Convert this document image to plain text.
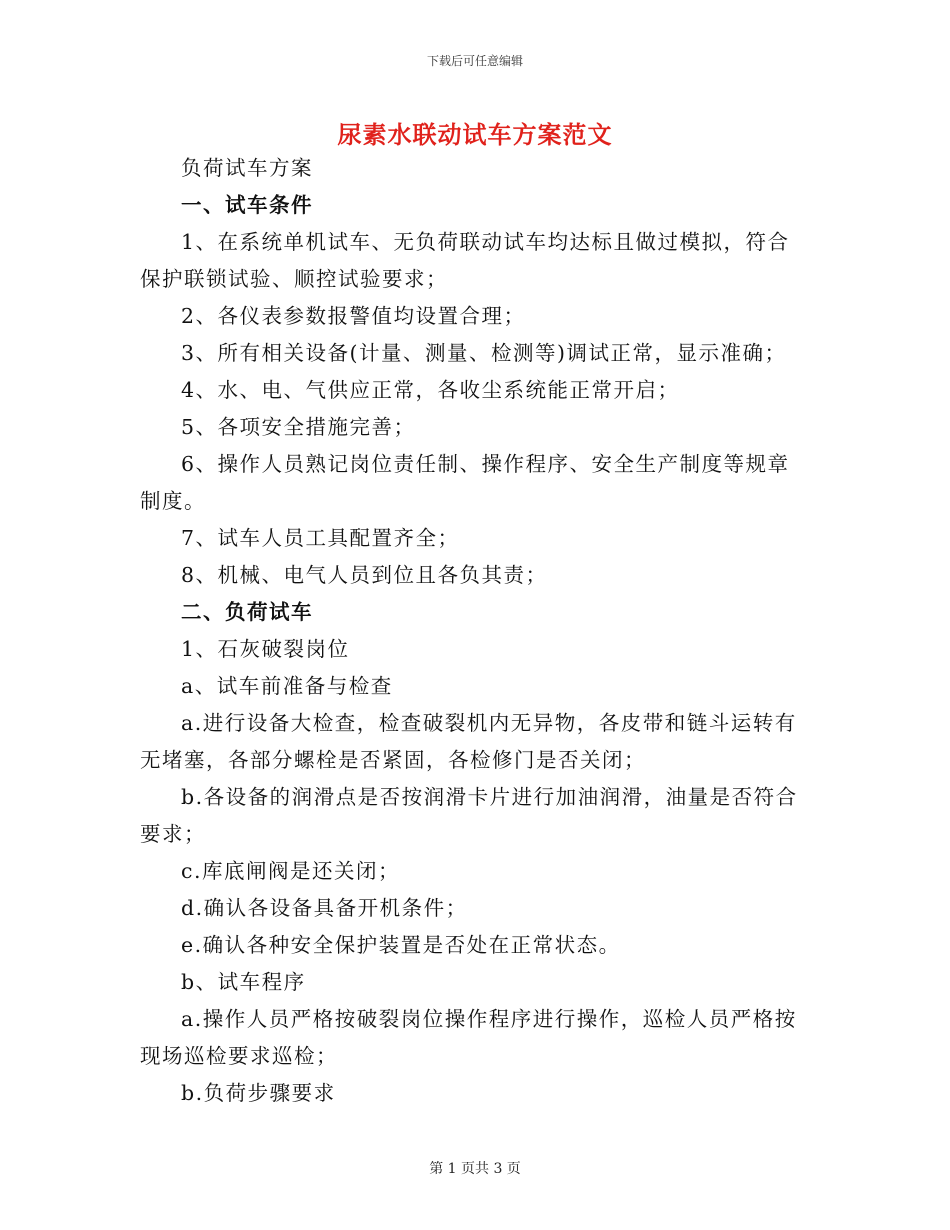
下载后可任意编辑
尿素水联动试车方案范文

负荷试车方案

一、试车条件

1、在系统单机试车、无负荷联动试车均达标且做过模拟，符合保护联锁试验、顺控试验要求；

2、各仪表参数报警值均设置合理；

3、所有相关设备(计量、测量、检测等)调试正常，显示准确；

4、水、电、气供应正常，各收尘系统能正常开启；

5、各项安全措施完善；

6、操作人员熟记岗位责任制、操作程序、安全生产制度等规章制度。

7、试车人员工具配置齐全；

8、机械、电气人员到位且各负其责；

二、负荷试车

1、石灰破裂岗位

a、试车前准备与检查

a.进行设备大检查，检查破裂机内无异物，各皮带和链斗运转有无堵塞，各部分螺栓是否紧固，各检修门是否关闭；

b.各设备的润滑点是否按润滑卡片进行加油润滑，油量是否符合要求；

c.库底闸阀是还关闭；

d.确认各设备具备开机条件；

e.确认各种安全保护装置是否处在正常状态。

b、试车程序

a.操作人员严格按破裂岗位操作程序进行操作，巡检人员严格按现场巡检要求巡检；

b.负荷步骤要求

第 1 页共 3 页
